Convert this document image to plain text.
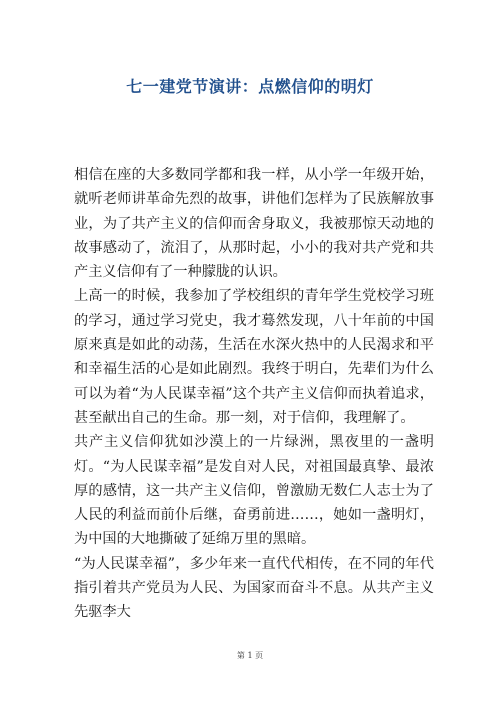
七一建党节演讲：点燃信仰的明灯

相信在座的大多数同学都和我一样，从小学一年级开始，就听老师讲革命先烈的故事，讲他们怎样为了民族解放事业，为了共产主义的信仰而舍身取义，我被那惊天动地的故事感动了，流泪了，从那时起，小小的我对共产党和共产主义信仰有了一种朦胧的认识。

上高一的时候，我参加了学校组织的青年学生党校学习班的学习，通过学习党史，我才蓦然发现，八十年前的中国原来真是如此的动荡，生活在水深火热中的人民渴求和平和幸福生活的心是如此剧烈。我终于明白，先辈们为什么可以为着“为人民谋幸福”这个共产主义信仰而执着追求，甚至献出自己的生命。那一刻，对于信仰，我理解了。

共产主义信仰犹如沙漠上的一片绿洲，黑夜里的一盏明灯。“为人民谋幸福”是发自对人民，对祖国最真挚、最浓厚的感情，这一共产主义信仰，曾激励无数仁人志士为了人民的利益而前仆后继，奋勇前进……，她如一盏明灯，为中国的大地撕破了延绵万里的黑暗。

“为人民谋幸福”，多少年来一直代代相传，在不同的年代指引着共产党员为人民、为国家而奋斗不息。从共产主义先驱李大

第 1 页
